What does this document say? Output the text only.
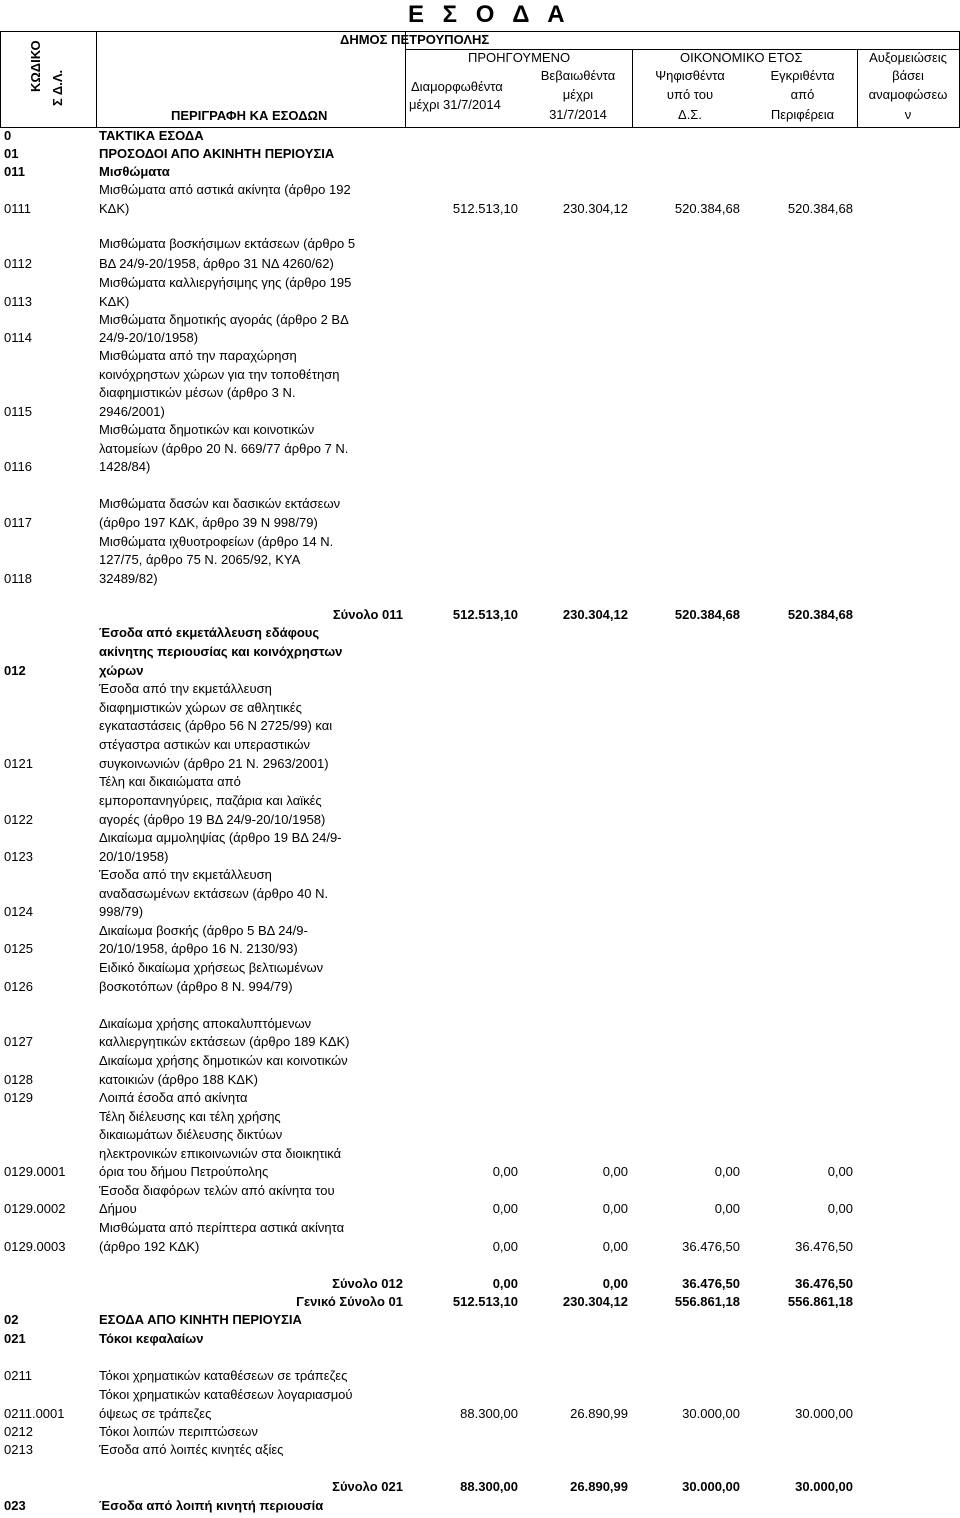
Ε Σ Ο Δ Α
ΔΗΜΟΣ ΠΕΤΡΟΥΠΟΛΗΣ
ΚΩΔΙΚΟ Σ Δ.Λ.
ΠΕΡΙΓΡΑΦΗ ΚΑ ΕΣΟΔΩΝ
ΠΡΟΗΓΟΥΜΕΝΟ	ΟΙΚΟΝΟΜΙΚΟ ΕΤΟΣ
Διαμορφωθέντα
μέχρι 31/7/2014
Βεβαιωθέντα
μέχρι
31/7/2014
Ψηφισθέντα
υπό του
Δ.Σ.
Εγκριθέντα
από
Περιφέρεια
Αυξομειώσεις
βάσει
αναμοφώσεω
ν
0	ΤΑΚΤΙΚΑ ΕΣΟΔΑ
01	ΠΡΟΣΟΔΟΙ ΑΠΟ ΑΚΙΝΗΤΗ ΠΕΡΙΟΥΣΙΑ
011	Μισθώματα
0111
Μισθώματα από αστικά ακίνητα (άρθρο 192
ΚΔΚ)	512.513,10	230.304,12	520.384,68	520.384,68
0112
Μισθώματα βοσκήσιμων εκτάσεων (άρθρο 5
ΒΔ 24/9-20/1958, άρθρο 31 ΝΔ 4260/62)
0113
Μισθώματα καλλιεργήσιμης γης (άρθρο 195
ΚΔΚ)
0114
Μισθώματα δημοτικής αγοράς (άρθρο 2 ΒΔ
24/9-20/10/1958)
0115
Μισθώματα από την παραχώρηση
κοινόχρηστων χώρων για την τοποθέτηση
διαφημιστικών μέσων (άρθρο 3 Ν.
2946/2001)
0116
Μισθώματα δημοτικών και κοινοτικών
λατομείων (άρθρο 20 Ν. 669/77 άρθρο 7 Ν.
1428/84)
0117
Μισθώματα δασών και δασικών εκτάσεων
(άρθρο 197 ΚΔΚ, άρθρο 39 Ν 998/79)
0118
Μισθώματα ιχθυοτροφείων (άρθρο 14 Ν.
127/75, άρθρο 75 Ν. 2065/92, ΚΥΑ
32489/82)
Σύνολο 011	512.513,10	230.304,12	520.384,68	520.384,68
012
Έσοδα από εκμετάλλευση εδάφους
ακίνητης περιουσίας και κοινόχρηστων
χώρων
0121
Έσοδα από την εκμετάλλευση
διαφημιστικών χώρων σε αθλητικές
εγκαταστάσεις (άρθρο 56 Ν 2725/99) και
στέγαστρα αστικών και υπεραστικών
συγκοινωνιών (άρθρο 21 Ν. 2963/2001)
0122
Τέλη και δικαιώματα από
εμποροπανηγύρεις, παζάρια και λαϊκές
αγορές (άρθρο 19 ΒΔ 24/9-20/10/1958)
0123
Δικαίωμα αμμοληψίας (άρθρο 19 ΒΔ 24/9-
20/10/1958)
0124
Έσοδα από την εκμετάλλευση
αναδασωμένων εκτάσεων (άρθρο 40 Ν.
998/79)
0125
Δικαίωμα βοσκής (άρθρο 5 ΒΔ 24/9-
20/10/1958, άρθρο 16 Ν. 2130/93)
0126
Ειδικό δικαίωμα χρήσεως βελτιωμένων
βοσκοτόπων (άρθρο 8 Ν. 994/79)
0127
Δικαίωμα χρήσης αποκαλυπτόμενων
καλλιεργητικών εκτάσεων (άρθρο 189 ΚΔΚ)
0128
Δικαίωμα χρήσης δημοτικών και κοινοτικών
κατοικιών (άρθρο 188 ΚΔΚ)
0129	Λοιπά έσοδα από ακίνητα
0129.0001
Τέλη διέλευσης και τέλη χρήσης
δικαιωμάτων διέλευσης δικτύων
ηλεκτρονικών επικοινωνιών στα διοικητικά
όρια του δήμου Πετρούπολης	0,00	0,00	0,00	0,00
0129.0002
Έσοδα διαφόρων τελών από ακίνητα του
Δήμου	0,00	0,00	0,00	0,00
0129.0003
Μισθώματα από περίπτερα αστικά ακίνητα
(άρθρο 192 ΚΔΚ)	0,00	0,00	36.476,50	36.476,50
Σύνολο 012	0,00	0,00	36.476,50	36.476,50
Γενικό Σύνολο 01	512.513,10	230.304,12	556.861,18	556.861,18
02	ΕΣΟΔΑ ΑΠΟ ΚΙΝΗΤΗ ΠΕΡΙΟΥΣΙΑ
021	Τόκοι κεφαλαίων
0211	Τόκοι χρηματικών καταθέσεων σε τράπεζες
0211.0001
Τόκοι χρηματικών καταθέσεων λογαριασμού
όψεως σε τράπεζες	88.300,00	26.890,99	30.000,00	30.000,00
0212	Τόκοι λοιπών περιπτώσεων
0213	Έσοδα από λοιπές κινητές αξίες
Σύνολο 021	88.300,00	26.890,99	30.000,00	30.000,00
023	Έσοδα από λοιπή κινητή περιουσία
